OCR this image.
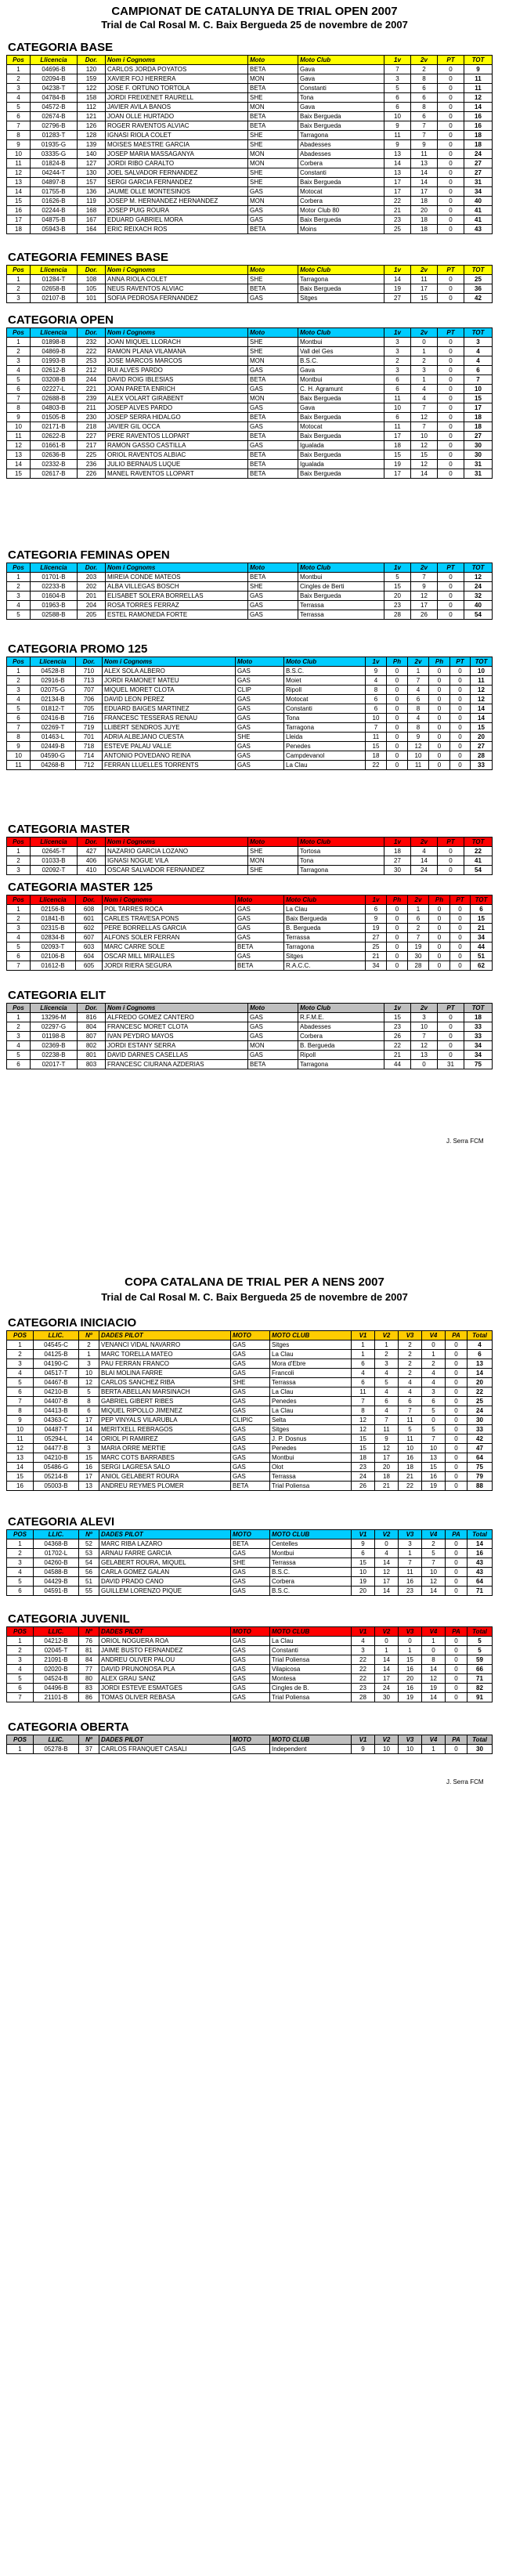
CAMPIONAT DE CATALUNYA DE TRIAL OPEN 2007
Trial de Cal Rosal M. C. Baix Bergueda 25 de novembre de 2007
CATEGORIA BASE
Pos	Llicencia	Dor.	Nom i Cognoms	Moto	Moto Club	1v	2v	PT	TOT
1	04696-B	120	CARLOS JORDA POYATOS	BETA	Gava	7	2	0	9
2	02094-B	159	XAVIER FOJ HERRERA	MON	Gava	3	8	0	11
3	04238-T	122	JOSE F. ORTUNO TORTOLA	BETA	Constanti	5	6	0	11
4	04784-B	158	JORDI FREIXENET RAURELL	SHE	Tona	6	6	0	12
5	04572-B	112	JAVIER AVILA BANOS	MON	Gava	6	8	0	14
6	02674-B	121	JOAN OLLE HURTADO	BETA	Baix Bergueda	10	6	0	16
7	02796-B	126	ROGER RAVENTOS ALVIAC	BETA	Baix Bergueda	9	7	0	16
8	01283-T	128	IGNASI RIOLA COLET	SHE	Tarragona	11	7	0	18
9	01935-G	139	MOISES MAESTRE GARCIA	SHE	Abadesses	9	9	0	18
10	03335-G	140	JOSEP MARIA MASSAGANYA	MON	Abadesses	13	11	0	24
11	01824-B	127	JORDI RIBO CARALTO	MON	Corbera	14	13	0	27
12	04244-T	130	JOEL SALVADOR FERNANDEZ	SHE	Constanti	13	14	0	27
13	04897-B	157	SERGI GARCIA FERNANDEZ	SHE	Baix Bergueda	17	14	0	31
14	01755-B	136	JAUME OLLE MONTESINOS	GAS	Motocat	17	17	0	34
15	01626-B	119	JOSEP M. HERNANDEZ HERNANDEZ	MON	Corbera	22	18	0	40
16	02244-B	168	JOSEP PUIG ROURA	GAS	Motor Club 80	21	20	0	41
17	04875-B	167	EDUARD GABRIEL MORA	GAS	Baix Bergueda	23	18	0	41
18	05943-B	164	ERIC REIXACH ROS	BETA	Moins	25	18	0	43
CATEGORIA FEMINES BASE
Pos	Llicencia	Dor.	Nom i Cognoms	Moto	Moto Club	1v	2v	PT	TOT
1	01284-T	108	ANNA RIOLA COLET	SHE	Tarragona	14	11	0	25
2	02658-B	105	NEUS RAVENTOS ALVIAC	BETA	Baix Bergueda	19	17	0	36
3	02107-B	101	SOFIA PEDROSA FERNANDEZ	GAS	Sitges	27	15	0	42
CATEGORIA OPEN
Pos	Llicencia	Dor.	Nom i Cognoms	Moto	Moto Club	1v	2v	PT	TOT
1	01898-B	232	JOAN MIQUEL LLORACH	SHE	Montbui	3	0	0	3
2	04869-B	222	RAMON PLANA VILAMANA	SHE	Vall del Ges	3	1	0	4
3	01993-B	253	JOSE MARCOS MARCOS	MON	B.S.C.	2	2	0	4
4	02612-B	212	RUI ALVES PARDO	GAS	Gava	3	3	0	6
5	03208-B	244	DAVID ROIG IBLESIAS	BETA	Montbui	6	1	0	7
6	02227-L	221	JOAN PARETA ENRICH	GAS	C. H. Agramunt	6	4	0	10
7	02688-B	239	ALEX VOLART GIRABENT	MON	Baix Bergueda	11	4	0	15
8	04803-B	211	JOSEP ALVES PARDO	GAS	Gava	10	7	0	17
9	01505-B	230	JOSEP SERRA HIDALGO	BETA	Baix Bergueda	6	12	0	18
10	02171-B	218	JAVIER GIL OCCA	GAS	Motocat	11	7	0	18
11	02622-B	227	PERE RAVENTOS LLOPART	BETA	Baix Bergueda	17	10	0	27
12	01661-B	217	RAMON GASSO CASTILLA	GAS	Igualada	18	12	0	30
13	02636-B	225	ORIOL RAVENTOS ALBIAC	BETA	Baix Bergueda	15	15	0	30
14	02332-B	236	JULIO BERNAUS LUQUE	BETA	Igualada	19	12	0	31
15	02617-B	226	MANEL RAVENTOS LLOPART	BETA	Baix Bergueda	17	14	0	31
CATEGORIA FEMINAS OPEN
Pos	Llicencia	Dor.	Nom i Cognoms	Moto	Moto Club	1v	2v	PT	TOT
1	01701-B	203	MIREIA CONDE MATEOS	BETA	Montbui	5	7	0	12
2	02233-B	202	ALBA VILLEGAS BOSCH	SHE	Cingles de Berti	15	9	0	24
3	01604-B	201	ELISABET SOLERA BORRELLAS	GAS	Baix Bergueda	20	12	0	32
4	01963-B	204	ROSA TORRES FERRAZ	GAS	Terrassa	23	17	0	40
5	02588-B	205	ESTEL RAMONEDA FORTE	GAS	Terrassa	28	26	0	54
CATEGORIA PROMO 125
Pos	Llicencia	Dor.	Nom i Cognoms	Moto	Moto Club	1v	Ph	2v	Ph	PT	TOT
1	04528-B	710	ALEX SOLA ALBERO	GAS	B.S.C.	9	0	1	0	0	10
2	02916-B	713	JORDI RAMONET MATEU	GAS	Moiet	4	0	7	0	0	11
3	02075-G	707	MIQUEL MORET CLOTA	CLIP	Ripoll	8	0	4	0	0	12
4	02134-B	706	DAVID LEON PEREZ	GAS	Motocat	6	0	6	0	0	12
5	01812-T	705	EDUARD BAIGES MARTINEZ	GAS	Constanti	6	0	8	0	0	14
6	02416-B	716	FRANCESC TESSERAS RENAU	GAS	Tona	10	0	4	0	0	14
7	02269-T	719	LLIBERT SENDROS JUYE	GAS	Tarragona	7	0	8	0	0	15
8	01463-L	701	ADRIA ALBEJANO CUESTA	SHE	Lleida	11	0	9	0	0	20
9	02449-B	718	ESTEVE PALAU VALLE	GAS	Penedes	15	0	12	0	0	27
10	04590-G	714	ANTONIO POVEDANO REINA	GAS	Campdevanol	18	0	10	0	0	28
11	04268-B	712	FERRAN LLUELLES TORRENTS	GAS	La Clau	22	0	11	0	0	33
CATEGORIA MASTER
Pos	Llicencia	Dor.	Nom i Cognoms	Moto	Moto Club	1v	2v	PT	TOT
1	02645-T	427	NAZARIO GARCIA LOZANO	SHE	Tortosa	18	4	0	22
2	01033-B	406	IGNASI NOGUE VILA	MON	Tona	27	14	0	41
3	02092-T	410	OSCAR SALVADOR FERNANDEZ	SHE	Tarragona	30	24	0	54
CATEGORIA MASTER 125
Pos	Llicencia	Dor.	Nom i Cognoms	Moto	Moto Club	1v	Ph	2v	Ph	PT	TOT
1	02156-B	608	POL TARRES ROCA	GAS	La Clau	6	0	1	0	0	6
2	01841-B	601	CARLES TRAVESA PONS	GAS	Baix Bergueda	9	0	6	0	0	15
3	02315-B	602	PERE BORRELLAS GARCIA	GAS	B. Bergueda	19	0	2	0	0	21
4	02834-B	607	ALFONS SOLER FERRAN	GAS	Terrassa	27	0	7	0	0	34
5	02093-T	603	MARC CARRE SOLE	BETA	Tarragona	25	0	19	0	0	44
6	02106-B	604	OSCAR MILL MIRALLES	GAS	Sitges	21	0	30	0	0	51
7	01612-B	605	JORDI RIERA SEGURA	BETA	R.A.C.C.	34	0	28	0	0	62
CATEGORIA ELIT
Pos	Llicencia	Dor.	Nom i Cognoms	Moto	Moto Club	1v	2v	PT	TOT
1	13296-M	816	ALFREDO GOMEZ CANTERO	GAS	R.F.M.E.	15	3	0	18
2	02297-G	804	FRANCESC MORET CLOTA	GAS	Abadesses	23	10	0	33
3	01198-B	807	IVAN PEYDRO MAYOS	GAS	Corbera	26	7	0	33
4	02369-B	802	JORDI ESTANY SERRA	MON	B. Bergueda	22	12	0	34
5	02238-B	801	DAVID DARNES CASELLAS	GAS	Ripoll	21	13	0	34
6	02017-T	803	FRANCESC CIURANA AZDERIAS	BETA	Tarragona	44	0	31	75
J. Serra FCM
COPA CATALANA DE TRIAL PER A NENS 2007
Trial de Cal Rosal M. C. Baix Bergueda 25 de novembre de 2007
CATEGORIA INICIACIO
POS	LLIC.	Nº	DADES PILOT	MOTO	MOTO CLUB	V1	V2	V3	V4	PA	Total
1	04545-C	2	VENANCI VIDAL NAVARRO	GAS	Sitges	1	1	2	0	0	4
2	04125-B	1	MARC TORELLA MATEO	GAS	La Clau	1	2	2	1	0	6
3	04190-C	3	PAU FERRAN FRANCO	GAS	Mora d'Ebre	6	3	2	2	0	13
4	04517-T	10	BLAI MOLINA FARRE	GAS	Francoli	4	4	2	4	0	14
5	04467-B	12	CARLOS SANCHEZ RIBA	SHE	Terrassa	6	5	4	4	0	20
6	04210-B	5	BERTA ABELLAN MARSINACH	GAS	La Clau	11	4	4	3	0	22
7	04407-B	8	GABRIEL GIBERT RIBES	GAS	Penedes	7	6	6	6	0	25
8	04413-B	6	MIQUEL RIPOLLO JIMENEZ	GAS	La Clau	8	4	7	5	0	24
9	04363-C	17	PEP VINYALS VILARUBLA	CLIPIC	Selta	12	7	11	0	0	30
10	04487-T	14	MERITXELL REBRAGOS	GAS	Sitges	12	11	5	5	0	33
11	05294-L	14	ORIOL PI RAMIREZ	GAS	J. P. Dosnus	15	9	11	7	0	42
12	04477-B	3	MARIA ORRE MERTIE	GAS	Penedes	15	12	10	10	0	47
13	04210-B	15	MARC COTS BARRABES	GAS	Montbui	18	17	16	13	0	64
14	05486-G	16	SERGI LAGRESA SALO	GAS	Olot	23	20	18	15	0	75
15	05214-B	17	ANIOL GELABERT ROURA	GAS	Terrassa	24	18	21	16	0	79
16	05003-B	13	ANDREU REYMES PLOMER	BETA	Trial Poliensa	26	21	22	19	0	88
CATEGORIA ALEVI
POS	LLIC.	Nº	DADES PILOT	MOTO	MOTO CLUB	V1	V2	V3	V4	PA	Total
1	04368-B	52	MARC RIBA LAZARO	BETA	Centelles	9	0	3	2	0	14
2	01702-L	53	ARNAU FARRE GARCIA	GAS	Montbui	6	4	1	5	0	16
3	04260-B	54	GELABERT ROURA, MIQUEL	SHE	Terrassa	15	14	7	7	0	43
4	04588-B	56	CARLA GOMEZ GALAN	GAS	B.S.C.	10	12	11	10	0	43
5	04429-B	51	DAVID PRADO CANO	GAS	Corbera	19	17	16	12	0	64
6	04591-B	55	GUILLEM LORENZO PIQUE	GAS	B.S.C.	20	14	23	14	0	71
CATEGORIA JUVENIL
POS	LLIC.	Nº	DADES PILOT	MOTO	MOTO CLUB	V1	V2	V3	V4	PA	Total
1	04212-B	76	ORIOL NOGUERA ROA	GAS	La Clau	4	0	0	1	0	5
2	02045-T	81	JAIME BUSTO FERNANDEZ	GAS	Constanti	3	1	1	0	0	5
3	21091-B	84	ANDREU OLIVER PALOU	GAS	Trial Poliensa	22	14	15	8	0	59
4	02020-B	77	DAVID PRUNONOSA PLA	GAS	Vilapicosa	22	14	16	14	0	66
5	04524-B	80	ALEX GRAU SANZ	GAS	Montesa	22	17	20	12	0	71
6	04496-B	83	JORDI ESTEVE ESMATGES	GAS	Cingles de B.	23	24	16	19	0	82
7	21101-B	86	TOMAS OLIVER REBASA	GAS	Trial Poliensa	28	30	19	14	0	91
CATEGORIA OBERTA
POS	LLIC.	Nº	DADES PILOT	MOTO	MOTO CLUB	V1	V2	V3	V4	PA	Total
1	05278-B	37	CARLOS FRANQUET CASALI	GAS	Independent	9	10	10	1	0	30
J. Serra FCM
